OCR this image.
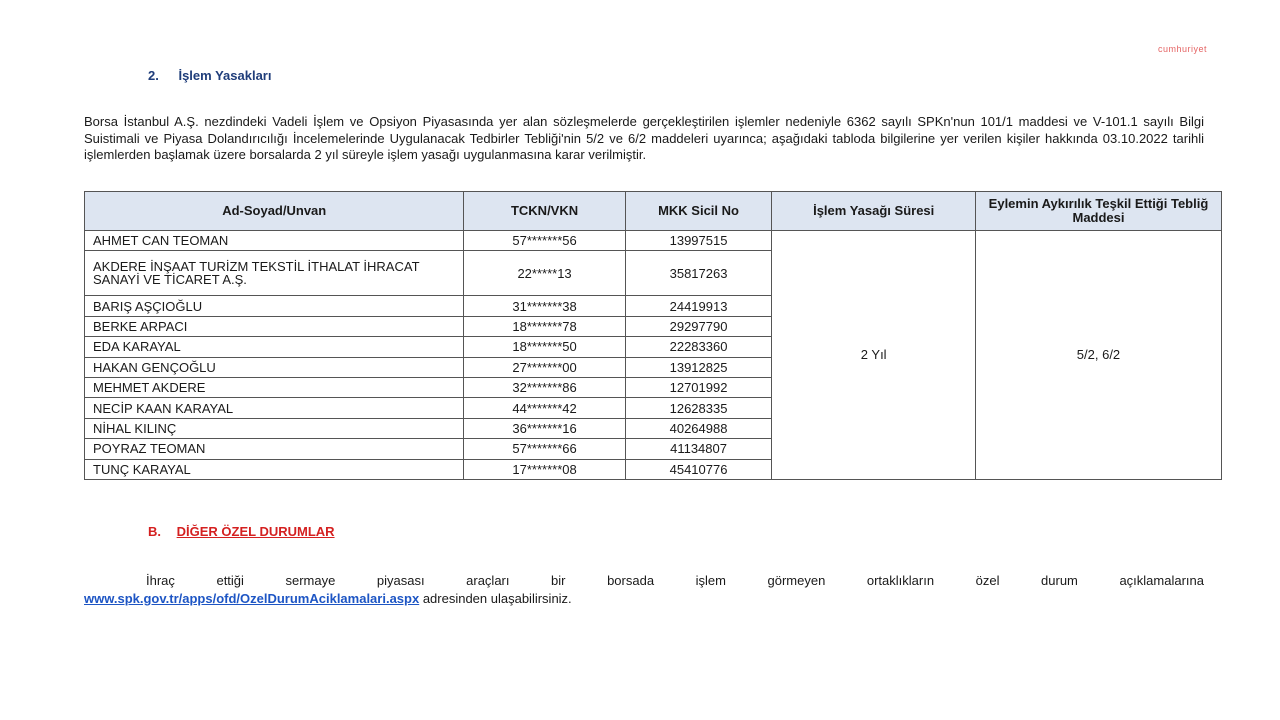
cumhuriyet
2. İşlem Yasakları
Borsa İstanbul A.Ş. nezdindeki Vadeli İşlem ve Opsiyon Piyasasında yer alan sözleşmelerde gerçekleştirilen işlemler nedeniyle 6362 sayılı SPKn'nun 101/1 maddesi ve V-101.1 sayılı Bilgi Suistimali ve Piyasa Dolandırıcılığı İncelemelerinde Uygulanacak Tedbirler Tebliği'nin 5/2 ve 6/2 maddeleri uyarınca; aşağıdaki tabloda bilgilerine yer verilen kişiler hakkında 03.10.2022 tarihli işlemlerden başlamak üzere borsalarda 2 yıl süreyle işlem yasağı uygulanmasına karar verilmiştir.
Ad-Soyad/Unvan	TCKN/VKN	MKK Sicil No	İşlem Yasağı Süresi	Eylemin Aykırılık Teşkil Ettiği Tebliğ Maddesi
AHMET CAN TEOMAN	57*******56	13997515	2 Yıl	5/2, 6/2
AKDERE İNŞAAT TURİZM TEKSTİL İTHALAT İHRACAT SANAYİ VE TİCARET A.Ş.	22*****13	35817263		
BARIŞ AŞÇIOĞLU	31*******38	24419913		
BERKE ARPACI	18*******78	29297790		
EDA KARAYAL	18*******50	22283360		
HAKAN GENÇOĞLU	27*******00	13912825		
MEHMET AKDERE	32*******86	12701992		
NECİP KAAN KARAYAL	44*******42	12628335		
NİHAL KILINÇ	36*******16	40264988		
POYRAZ TEOMAN	57*******66	41134807		
TUNÇ KARAYAL	17*******08	45410776		
B. DİĞER ÖZEL DURUMLAR
İhraç ettiği sermaye piyasası araçları bir borsada işlem görmeyen ortaklıkların özel durum açıklamalarına
www.spk.gov.tr/apps/ofd/OzelDurumAciklamalari.aspx adresinden ulaşabilirsiniz.
